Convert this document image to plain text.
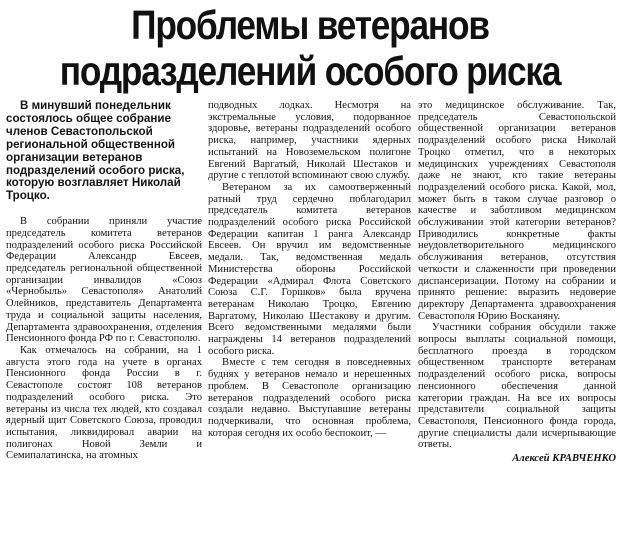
Проблемы ветеранов
подразделений особого риска

В минувший понедельник состоялось общее собрание членов Севастопольской региональной общественной организации ветеранов подразделений особого риска, которую возглавляет Николай Троцко.

В собрании приняли участие председатель комитета ветеранов подразделений особого риска Российской Федерации Александр Евсеев, председатель региональной общественной организации инвалидов «Союз «Чернобыль» Севастополя» Анатолий Олейников, представитель Департамента труда и социальной защиты населения, Департамента здравоохранения, отделения Пенсионного фонда РФ по г. Севастополю.

Как отмечалось на собрании, на 1 августа этого года на учете в органах Пенсионного фонда России в г. Севастополе состоят 108 ветеранов подразделений особого риска. Это ветераны из числа тех людей, кто создавал ядерный щит Советского Союза, проводил испытания, ликвидировал аварии на полигонах Новой Земли и Семипалатинска, на атомных

подводных лодках. Несмотря на экстремальные условия, подорванное здоровье, ветераны подразделений особого риска, например, участники ядерных испытаний на Новоземельском полигоне Евгений Варгатый, Николай Шестаков и другие с теплотой вспоминают свою службу.

Ветераном за их самоотверженный ратный труд сердечно поблагодарил председатель комитета ветеранов подразделений особого риска Российской Федерации капитан 1 ранга Александр Евсеев. Он вручил им ведомственные медали. Так, ведомственная медаль Министерства обороны Российской Федерации «Адмирал Флота Советского Союза С.Г. Горшков» была вручена ветеранам Николаю Троцко, Евгению Варгатому, Николаю Шестакову и другим. Всего ведомственными медалями были награждены 14 ветеранов подразделений особого риска.

Вместе с тем сегодня в повседневных буднях у ветеранов немало и нерешенных проблем. В Севастополе организацию ветеранов подразделений особого риска создали недавно. Выступавшие ветераны подчеркивали, что основная проблема, которая сегодня их особо беспокоит, —

это медицинское обслуживание. Так, председатель Севастопольской общественной организации ветеранов подразделений особого риска Николай Троцко отметил, что в некоторых медицинских учреждениях Севастополя даже не знают, кто такие ветераны подразделений особого риска. Какой, мол, может быть в таком случае разговор о качестве и заботливом медицинском обслуживании этой категории ветеранов? Приводились конкретные факты неудовлетворительного медицинского обслуживания ветеранов, отсутствия четкости и слаженности при проведении диспансеризации. Потому на собрании и принято решение: выразить недоверие директору Департамента здравоохранения Севастополя Юрию Восканяну.

Участники собрания обсудили также вопросы выплаты социальной помощи, бесплатного проезда в городском общественном транспорте ветеранам подразделений особого риска, вопросы пенсионного обеспечения данной категории граждан. На все их вопросы представители социальной защиты Севастополя, Пенсионного фонда города, другие специалисты дали исчерпывающие ответы.

Алексей КРАВЧЕНКО
